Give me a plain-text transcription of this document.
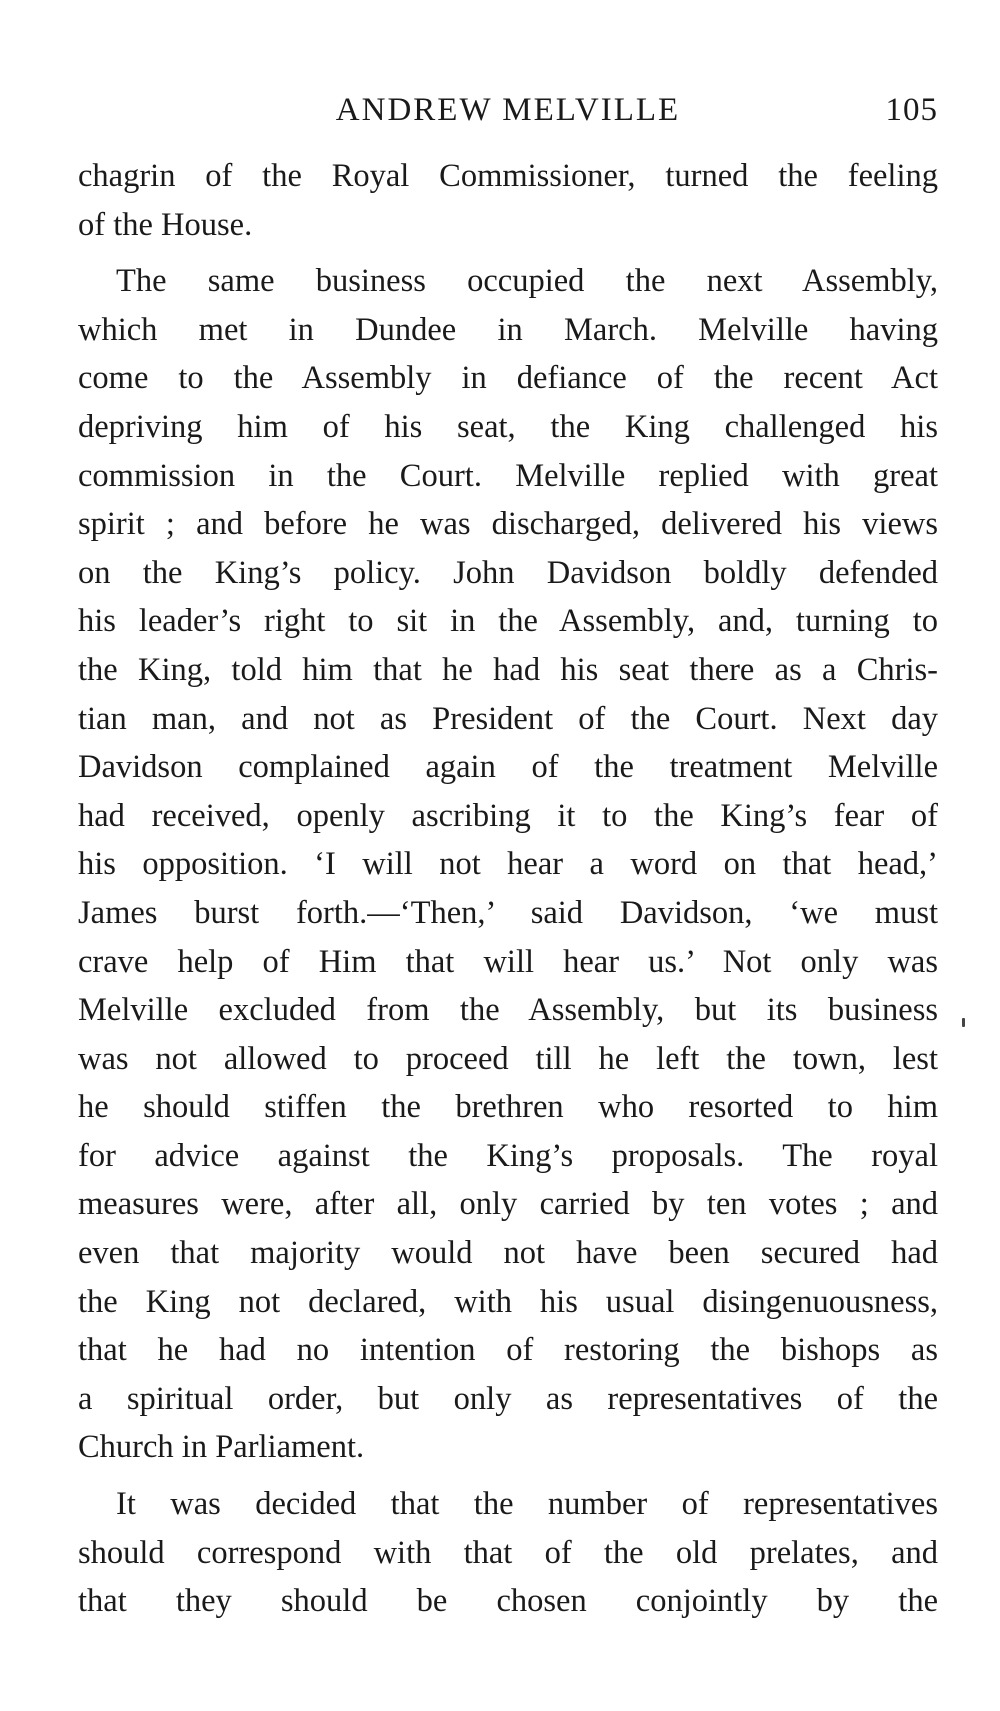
ANDREW MELVILLE	105

chagrin of the Royal Commissioner, turned the feeling
of the House.

The same business occupied the next Assembly,
which met in Dundee in March. Melville having
come to the Assembly in defiance of the recent Act
depriving him of his seat, the King challenged his
commission in the Court. Melville replied with great
spirit ; and before he was discharged, delivered his views
on the King’s policy. John Davidson boldly defended
his leader’s right to sit in the Assembly, and, turning to
the King, told him that he had his seat there as a Chris-
tian man, and not as President of the Court. Next day
Davidson complained again of the treatment Melville
had received, openly ascribing it to the King’s fear of
his opposition. ‘I will not hear a word on that head,’
James burst forth.—‘Then,’ said Davidson, ‘we must
crave help of Him that will hear us.’ Not only was
Melville excluded from the Assembly, but its business
was not allowed to proceed till he left the town, lest
he should stiffen the brethren who resorted to him
for advice against the King’s proposals. The royal
measures were, after all, only carried by ten votes ; and
even that majority would not have been secured had
the King not declared, with his usual disingenuousness,
that he had no intention of restoring the bishops as
a spiritual order, but only as representatives of the
Church in Parliament.

It was decided that the number of representatives
should correspond with that of the old prelates, and
that they should be chosen conjointly by the
